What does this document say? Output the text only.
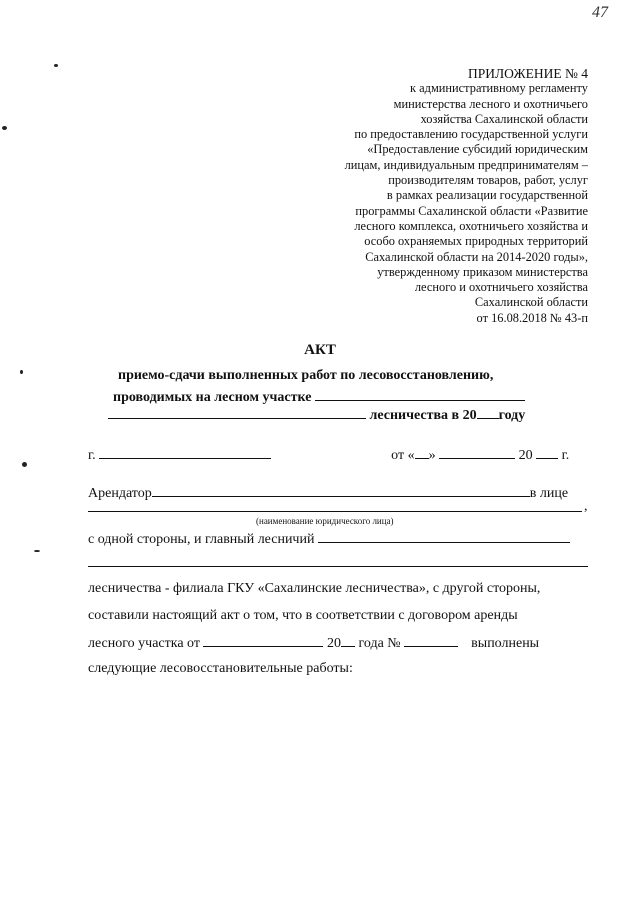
47
ПРИЛОЖЕНИЕ № 4
к административному регламенту
министерства лесного и охотничьего
хозяйства Сахалинской области
по предоставлению государственной услуги
«Предоставление субсидий юридическим
лицам, индивидуальным предпринимателям –
производителям товаров, работ, услуг
в рамках реализации государственной
программы Сахалинской области «Развитие
лесного комплекса, охотничьего хозяйства и
особо охраняемых природных территорий
Сахалинской области на 2014-2020 годы»,
утвержденному приказом министерства
лесного и охотничьего хозяйства
Сахалинской области
от 16.08.2018 № 43-п
АКТ
приемо-сдачи выполненных работ по лесовосстановлению,
проводимых на лесном участке
лесничества в 20 году
г.	от « »	20 г.
Арендатор	в лице
,
(наименование юридического лица)
с одной стороны, и главный лесничий
лесничества - филиала ГКУ «Сахалинские лесничества», с другой стороны,
составили настоящий акт о том, что в соответствии с договором аренды
лесного участка от	20 года №	выполнены
следующие лесовосстановительные работы:
